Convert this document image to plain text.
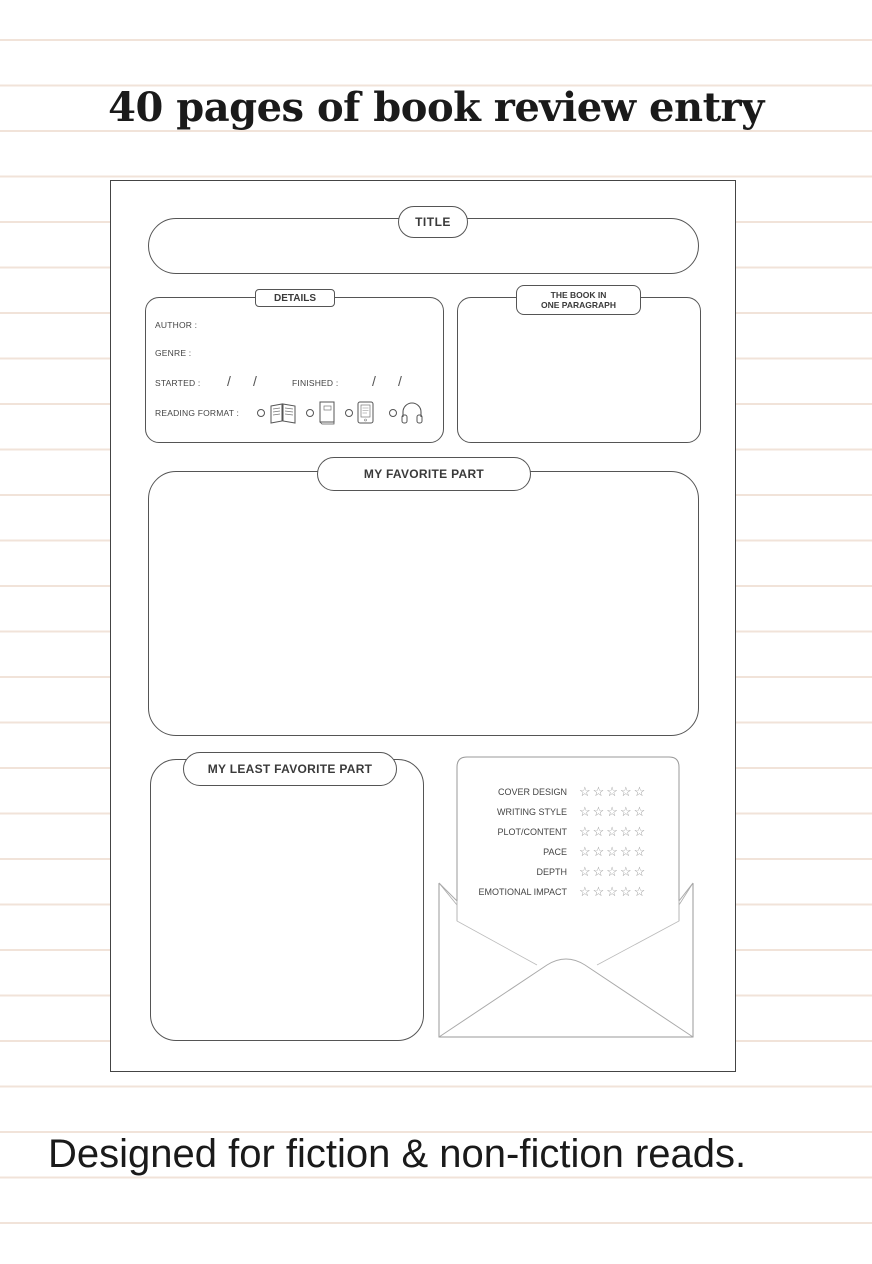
40 pages of book review entry
TITLE
DETAILS
AUTHOR :
GENRE :
STARTED : / /	FINISHED : / /
READING FORMAT :
THE BOOK IN
ONE PARAGRAPH
MY FAVORITE PART
MY LEAST FAVORITE PART
COVER DESIGN ☆☆☆☆☆
WRITING STYLE ☆☆☆☆☆
PLOT/CONTENT ☆☆☆☆☆
PACE ☆☆☆☆☆
DEPTH ☆☆☆☆☆
EMOTIONAL IMPACT ☆☆☆☆☆
Designed for fiction & non-fiction reads.
